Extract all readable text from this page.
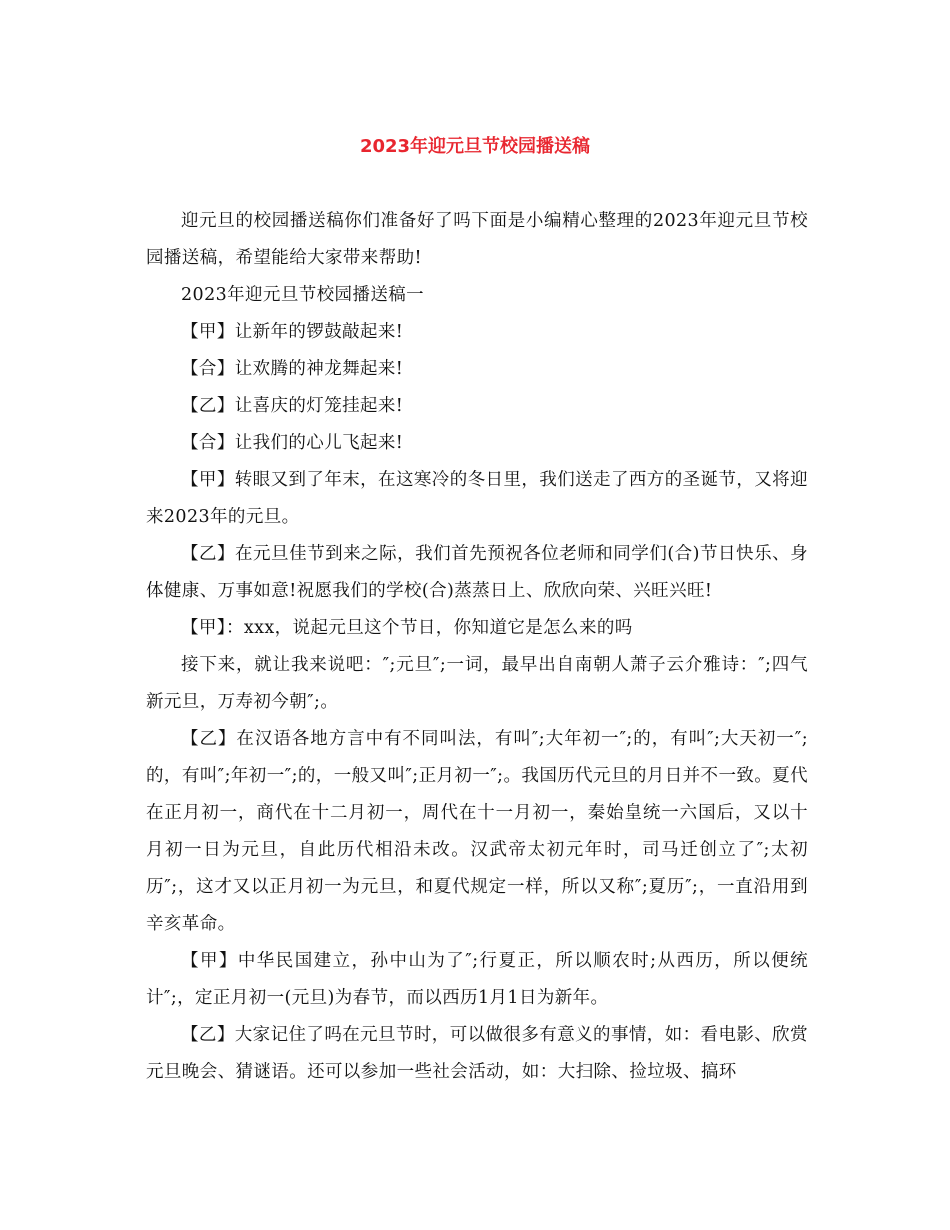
2023年迎元旦节校园播送稿

迎元旦的校园播送稿你们准备好了吗下面是小编精心整理的2023年迎元旦节校园播送稿，希望能给大家带来帮助!

2023年迎元旦节校园播送稿一

【甲】让新年的锣鼓敲起来!

【合】让欢腾的神龙舞起来!

【乙】让喜庆的灯笼挂起来!

【合】让我们的心儿飞起来!

【甲】转眼又到了年末，在这寒冷的冬日里，我们送走了西方的圣诞节，又将迎来2023年的元旦。

【乙】在元旦佳节到来之际，我们首先预祝各位老师和同学们(合)节日快乐、身体健康、万事如意!祝愿我们的学校(合)蒸蒸日上、欣欣向荣、兴旺兴旺!

【甲】：xxx，说起元旦这个节日，你知道它是怎么来的吗

接下来，就让我来说吧：″;元旦″;一词，最早出自南朝人萧子云介雅诗：″;四气新元旦，万寿初今朝″;。

【乙】在汉语各地方言中有不同叫法，有叫″;大年初一″;的，有叫″;大天初一″;的，有叫″;年初一″;的，一般又叫″;正月初一″;。我国历代元旦的月日并不一致。夏代在正月初一，商代在十二月初一，周代在十一月初一，秦始皇统一六国后，又以十月初一日为元旦，自此历代相沿未改。汉武帝太初元年时，司马迁创立了″;太初历″;，这才又以正月初一为元旦，和夏代规定一样，所以又称″;夏历″;，一直沿用到辛亥革命。

【甲】中华民国建立，孙中山为了″;行夏正，所以顺农时;从西历，所以便统计″;，定正月初一(元旦)为春节，而以西历1月1日为新年。

【乙】大家记住了吗在元旦节时，可以做很多有意义的事情，如：看电影、欣赏元旦晚会、猜谜语。还可以参加一些社会活动，如：大扫除、捡垃圾、搞环
